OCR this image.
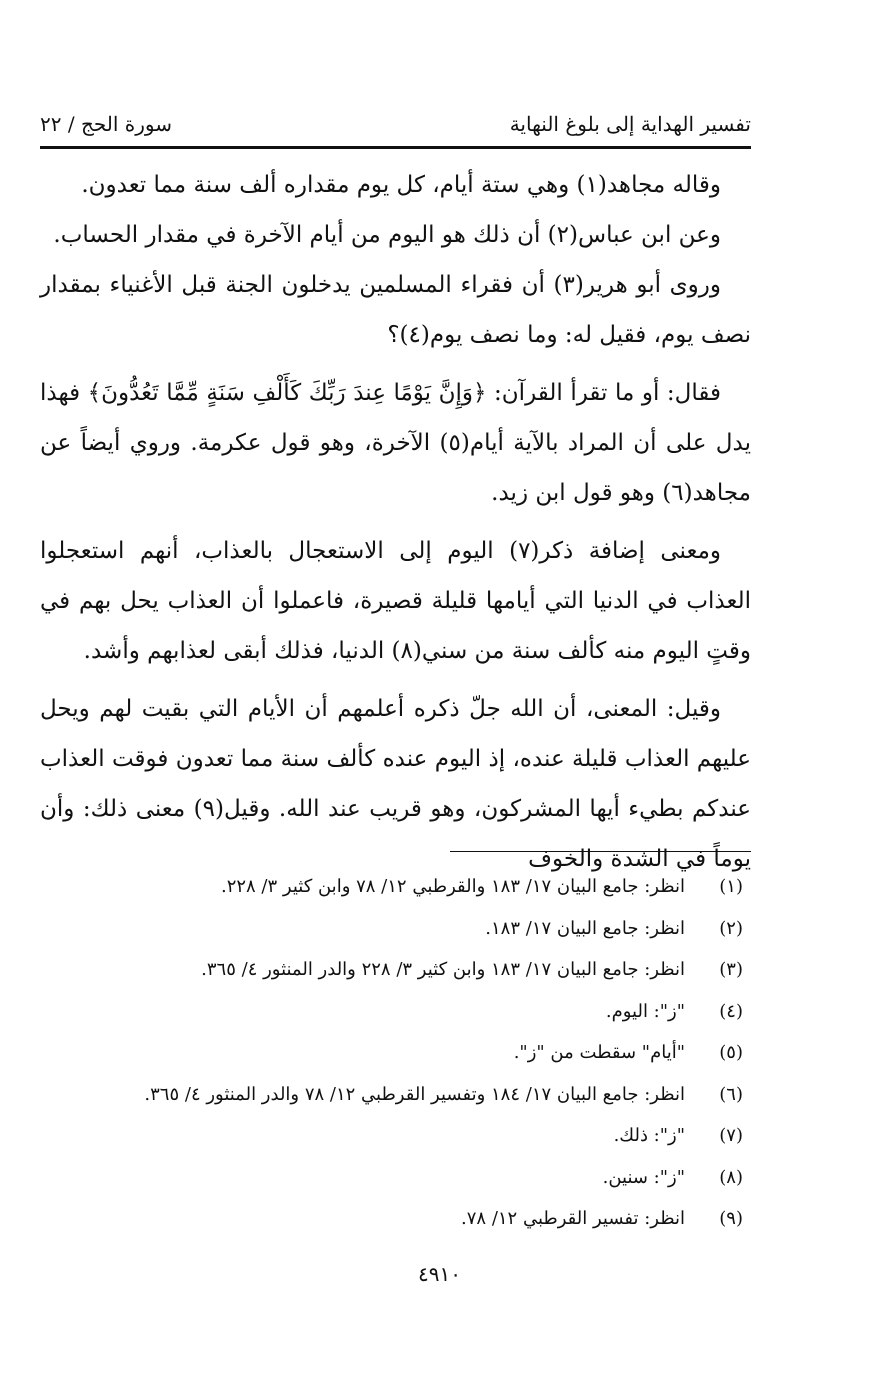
تفسير الهداية إلى بلوغ النهاية
سورة الحج / ٢٢

وقاله مجاهد(١) وهي ستة أيام، كل يوم مقداره ألف سنة مما تعدون.

وعن ابن عباس(٢) أن ذلك هو اليوم من أيام الآخرة في مقدار الحساب.

وروى أبو هرير(٣) أن فقراء المسلمين يدخلون الجنة قبل الأغنياء بمقدار نصف يوم، فقيل له: وما نصف يوم(٤)؟

فقال: أو ما تقرأ القرآن: ﴿وَإِنَّ يَوْمًا عِندَ رَبِّكَ كَأَلْفِ سَنَةٍ مِّمَّا تَعُدُّونَ﴾ فهذا يدل على أن المراد بالآية أيام(٥) الآخرة، وهو قول عكرمة. وروي أيضاً عن مجاهد(٦) وهو قول ابن زيد.

ومعنى إضافة ذكر(٧) اليوم إلى الاستعجال بالعذاب، أنهم استعجلوا العذاب في الدنيا التي أيامها قليلة قصيرة، فاعملوا أن العذاب يحل بهم في وقتٍ اليوم منه كألف سنة من سني(٨) الدنيا، فذلك أبقى لعذابهم وأشد.

وقيل: المعنى، أن الله جلّ ذكره أعلمهم أن الأيام التي بقيت لهم ويحل عليهم العذاب قليلة عنده، إذ اليوم عنده كألف سنة مما تعدون فوقت العذاب عندكم بطيء أيها المشركون، وهو قريب عند الله. وقيل(٩) معنى ذلك: وأن يوماً في الشدة والخوف

(١)
انظر: جامع البيان ١٧/ ١٨٣ والقرطبي ١٢/ ٧٨ وابن كثير ٣/ ٢٢٨.
(٢)
انظر: جامع البيان ١٧/ ١٨٣.
(٣)
انظر: جامع البيان ١٧/ ١٨٣ وابن كثير ٣/ ٢٢٨ والدر المنثور ٤/ ٣٦٥.
(٤)
"ز": اليوم.
(٥)
"أيام" سقطت من "ز".
(٦)
انظر: جامع البيان ١٧/ ١٨٤ وتفسير القرطبي ١٢/ ٧٨ والدر المنثور ٤/ ٣٦٥.
(٧)
"ز": ذلك.
(٨)
"ز": سنين.
(٩)
انظر: تفسير القرطبي ١٢/ ٧٨.
٤٩١٠
